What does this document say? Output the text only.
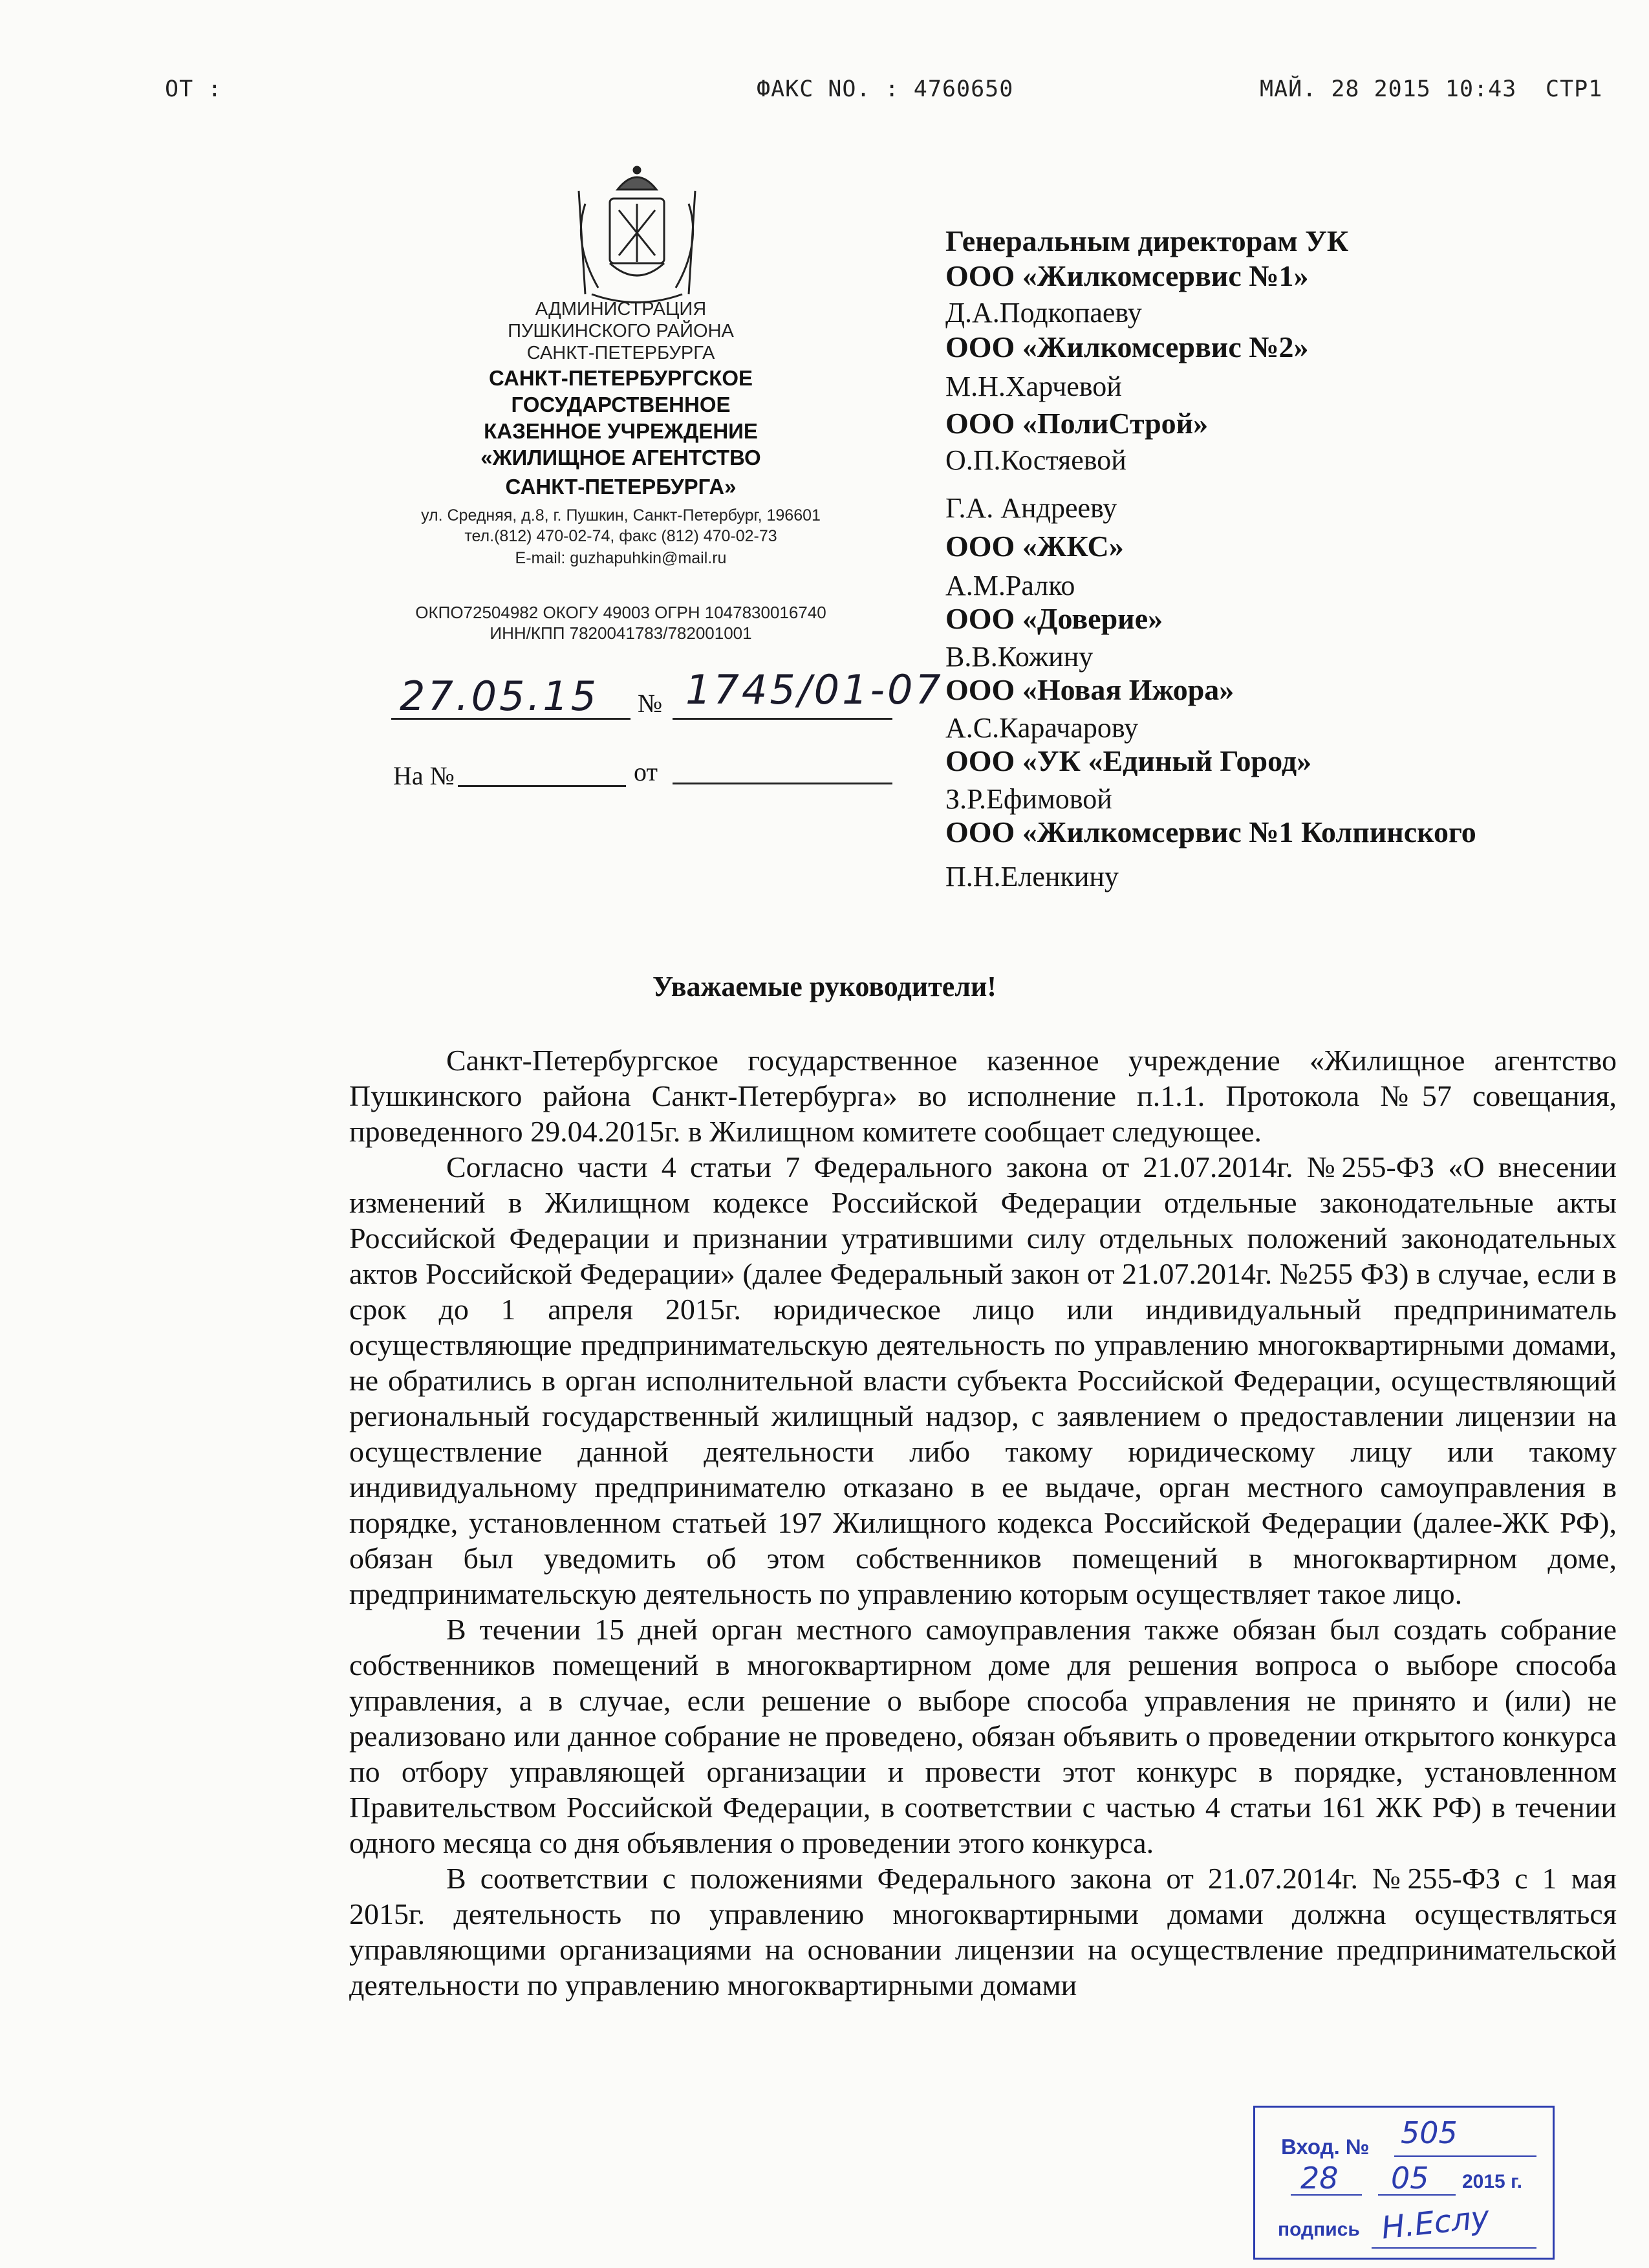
ОТ :	ФАКС NO. : 4760650	МАЙ. 28 2015 10:43 СТР1
АДМИНИСТРАЦИЯ
ПУШКИНСКОГО РАЙОНА
САНКТ-ПЕТЕРБУРГА
САНКТ-ПЕТЕРБУРГСКОЕ
ГОСУДАРСТВЕННОЕ
КАЗЕННОЕ УЧРЕЖДЕНИЕ
«ЖИЛИЩНОЕ АГЕНТСТВО
САНКТ-ПЕТЕРБУРГА»
ул. Средняя, д.8, г. Пушкин, Санкт-Петербург, 196601
тел.(812) 470-02-74, факс (812) 470-02-73
E-mail: guzhapuhkin@mail.ru
ОКПО72504982 ОКОГУ 49003 ОГРН 1047830016740
ИНН/КПП 7820041783/782001001
27.05.15 № 1745/01-07
На №	от
Генеральным директорам УК
ООО «Жилкомсервис №1»
Д.А.Подкопаеву
ООО «Жилкомсервис №2»
М.Н.Харчевой
ООО «ПолиСтрой»
О.П.Костяевой
Г.А. Андрееву
ООО «ЖКС»
А.М.Ралко
ООО «Доверие»
В.В.Кожину
ООО «Новая Ижора»
А.С.Карачарову
ООО «УК «Единый Город»
З.Р.Ефимовой
ООО «Жилкомсервис №1 Колпинского
П.Н.Еленкину
Уважаемые руководители!

Санкт-Петербургское государственное казенное учреждение «Жилищное агентство Пушкинского района Санкт-Петербурга» во исполнение п.1.1. Протокола №57 совещания, проведенного 29.04.2015г. в Жилищном комитете сообщает следующее.

Согласно части 4 статьи 7 Федерального закона от 21.07.2014г. №255-ФЗ «О внесении изменений в Жилищном кодексе Российской Федерации отдельные законодательные акты Российской Федерации и признании утратившими силу отдельных положений законодательных актов Российской Федерации» (далее Федеральный закон от 21.07.2014г. №255 ФЗ) в случае, если в срок до 1 апреля 2015г. юридическое лицо или индивидуальный предприниматель осуществляющие предпринимательскую деятельность по управлению многоквартирными домами, не обратились в орган исполнительной власти субъекта Российской Федерации, осуществляющий региональный государственный жилищный надзор, с заявлением о предоставлении лицензии на осуществление данной деятельности либо такому юридическому лицу или такому индивидуальному предпринимателю отказано в ее выдаче, орган местного самоуправления в порядке, установленном статьей 197 Жилищного кодекса Российской Федерации (далее-ЖК РФ), обязан был уведомить об этом собственников помещений в многоквартирном доме, предпринимательскую деятельность по управлению которым осуществляет такое лицо.

В течении 15 дней орган местного самоуправления также обязан был создать собрание собственников помещений в многоквартирном доме для решения вопроса о выборе способа управления, а в случае, если решение о выборе способа управления не принято и (или) не реализовано или данное собрание не проведено, обязан объявить о проведении открытого конкурса по отбору управляющей организации и провести этот конкурс в порядке, установленном Правительством Российской Федерации, в соответствии с частью 4 статьи 161 ЖК РФ) в течении одного месяца со дня объявления о проведении этого конкурса.

В соответствии с положениями Федерального закона от 21.07.2014г. №255-ФЗ с 1 мая 2015г. деятельность по управлению многоквартирными домами должна осуществляться управляющими организациями на основании лицензии на осуществление предпринимательской деятельности по управлению многоквартирными домами

Вход. № 505
28 05 2015 г.
подпись Н.Еслу
